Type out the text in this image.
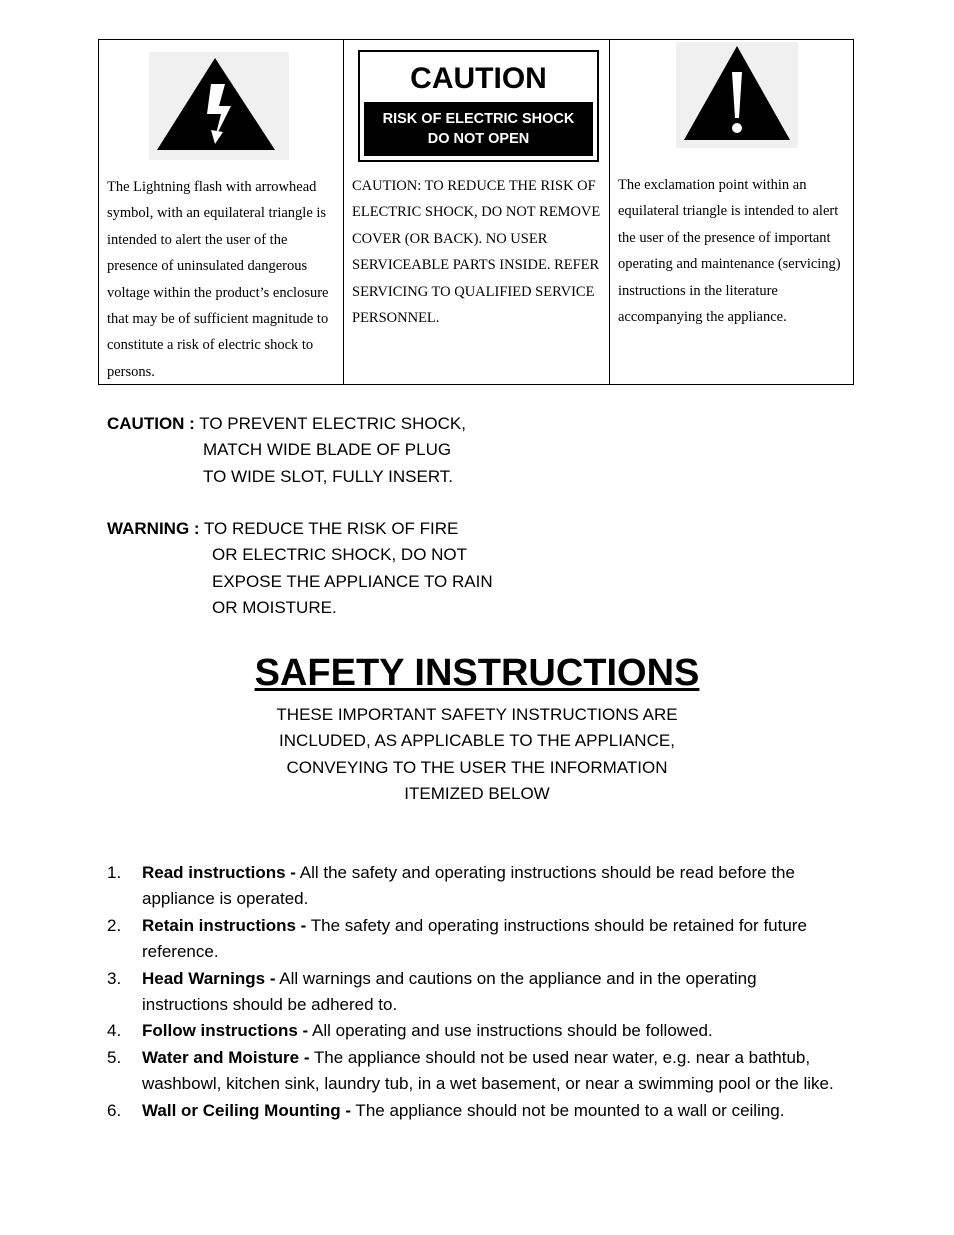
The Lightning flash with arrowhead symbol, with an equilateral triangle is intended to alert the user of the presence of uninsulated dangerous voltage within the product’s enclosure that may be of sufficient magnitude to constitute a risk of electric shock to persons.

CAUTION
RISK OF ELECTRIC SHOCK
DO NOT OPEN

CAUTION: TO REDUCE THE RISK OF ELECTRIC SHOCK, DO NOT REMOVE COVER (OR BACK). NO USER SERVICEABLE PARTS INSIDE. REFER SERVICING TO QUALIFIED SERVICE PERSONNEL.

The exclamation point within an equilateral triangle is intended to alert the user of the presence of important operating and maintenance (servicing) instructions in the literature accompanying the appliance.

CAUTION : TO PREVENT ELECTRIC SHOCK,
MATCH WIDE BLADE OF PLUG
TO WIDE SLOT, FULLY INSERT.
WARNING : TO REDUCE THE RISK OF FIRE
OR ELECTRIC SHOCK, DO NOT
EXPOSE THE APPLIANCE TO RAIN
OR MOISTURE.
SAFETY INSTRUCTIONS

THESE IMPORTANT SAFETY INSTRUCTIONS ARE
INCLUDED, AS APPLICABLE TO THE APPLIANCE,
CONVEYING TO THE USER THE INFORMATION
ITEMIZED BELOW

1. Read instructions - All the safety and operating instructions should be read before the appliance is operated.
2. Retain instructions - The safety and operating instructions should be retained for future reference.
3. Head Warnings - All warnings and cautions on the appliance and in the operating instructions should be adhered to.
4. Follow instructions - All operating and use instructions should be followed.
5. Water and Moisture - The appliance should not be used near water, e.g. near a bathtub, washbowl, kitchen sink, laundry tub, in a wet basement, or near a swimming pool or the like.
6. Wall or Ceiling Mounting - The appliance should not be mounted to a wall or ceiling.
